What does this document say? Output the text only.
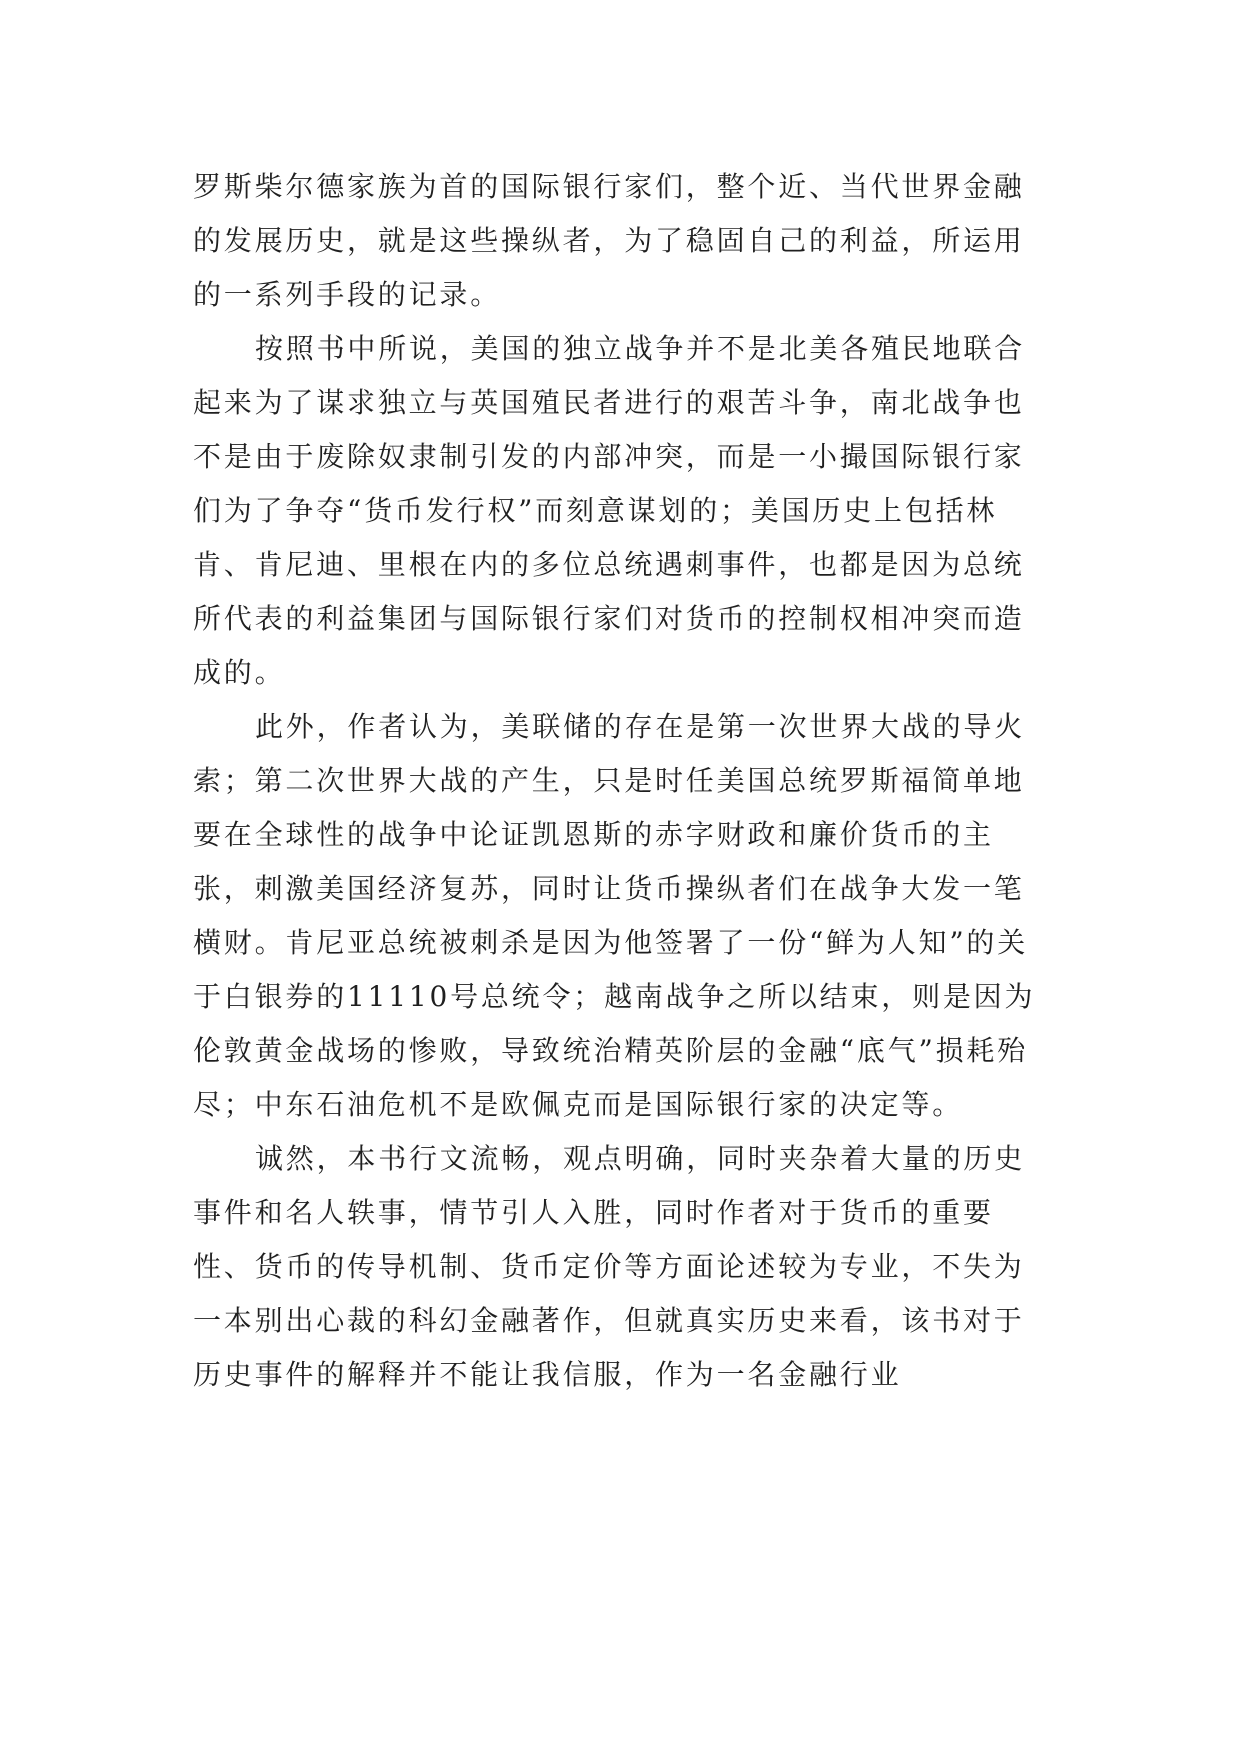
罗斯柴尔德家族为首的国际银行家们，整个近、当代世界金融的发展历史，就是这些操纵者，为了稳固自己的利益，所运用的一系列手段的记录。

按照书中所说，美国的独立战争并不是北美各殖民地联合起来为了谋求独立与英国殖民者进行的艰苦斗争，南北战争也不是由于废除奴隶制引发的内部冲突，而是一小撮国际银行家们为了争夺“货币发行权”而刻意谋划的；美国历史上包括林肯、肯尼迪、里根在内的多位总统遇刺事件，也都是因为总统所代表的利益集团与国际银行家们对货币的控制权相冲突而造成的。

此外，作者认为，美联储的存在是第一次世界大战的导火索；第二次世界大战的产生，只是时任美国总统罗斯福简单地要在全球性的战争中论证凯恩斯的赤字财政和廉价货币的主张，刺激美国经济复苏，同时让货币操纵者们在战争大发一笔横财。肯尼亚总统被刺杀是因为他签署了一份“鲜为人知”的关于白银券的11110号总统令；越南战争之所以结束，则是因为伦敦黄金战场的惨败，导致统治精英阶层的金融“底气”损耗殆尽；中东石油危机不是欧佩克而是国际银行家的决定等。

诚然，本书行文流畅，观点明确，同时夹杂着大量的历史事件和名人轶事，情节引人入胜，同时作者对于货币的重要性、货币的传导机制、货币定价等方面论述较为专业，不失为一本别出心裁的科幻金融著作，但就真实历史来看，该书对于历史事件的解释并不能让我信服，作为一名金融行业
